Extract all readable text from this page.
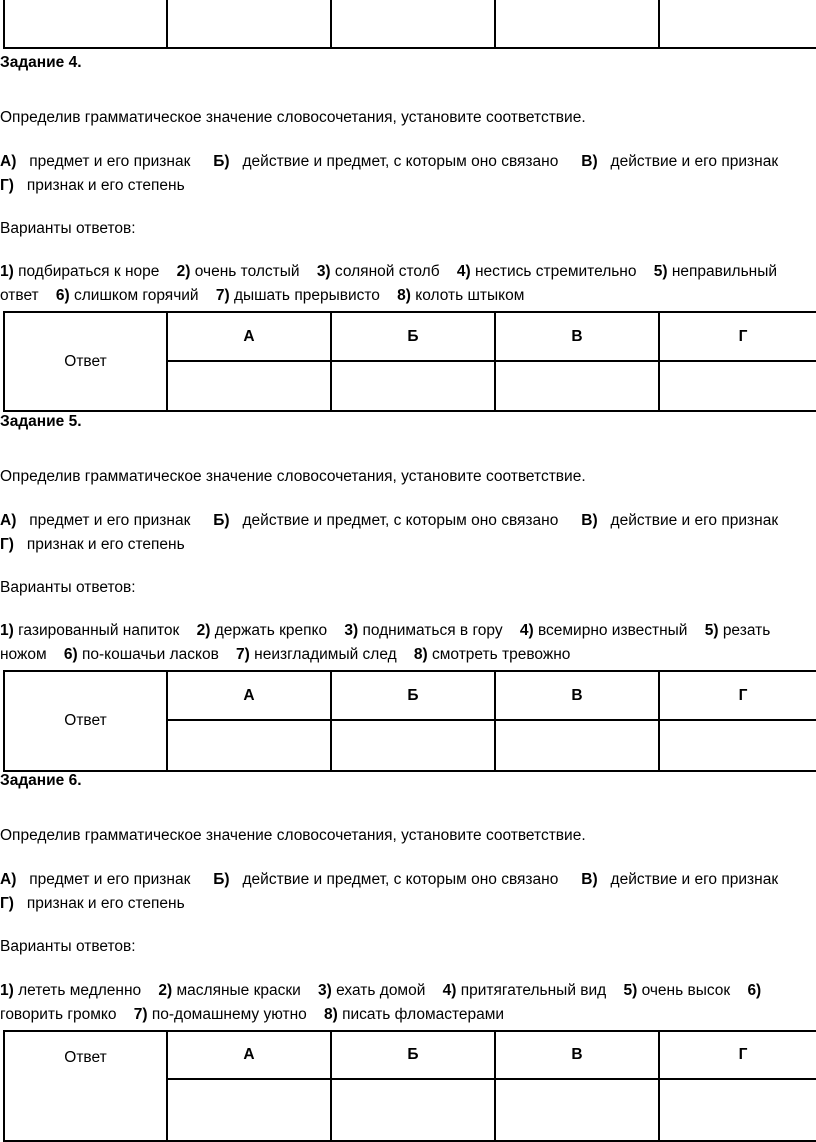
Задание 4.
Определив грамматическое значение словосочетания, установите соответствие.
А) предмет и его признак Б) действие и предмет, с которым оно связано В) действие и его признак
Г) признак и его степень
Варианты ответов:
1) подбираться к норе 2) очень толстый 3) соляной столб 4) нестись стремительно 5) неправильный
ответ 6) слишком горячий 7) дышать прерывисто 8) колоть штыком
Ответ	А	Б	В	Г

Задание 5.
Определив грамматическое значение словосочетания, установите соответствие.
А) предмет и его признак Б) действие и предмет, с которым оно связано В) действие и его признак
Г) признак и его степень
Варианты ответов:
1) газированный напиток 2) держать крепко 3) подниматься в гору 4) всемирно известный 5) резать
ножом 6) по-кошачьи ласков 7) неизгладимый след 8) смотреть тревожно
Ответ	А	Б	В	Г

Задание 6.
Определив грамматическое значение словосочетания, установите соответствие.
А) предмет и его признак Б) действие и предмет, с которым оно связано В) действие и его признак
Г) признак и его степень
Варианты ответов:
1) лететь медленно 2) масляные краски 3) ехать домой 4) притягательный вид 5) очень высок 6)
говорить громко 7) по-домашнему уютно 8) писать фломастерами
Ответ	А	Б	В	Г
